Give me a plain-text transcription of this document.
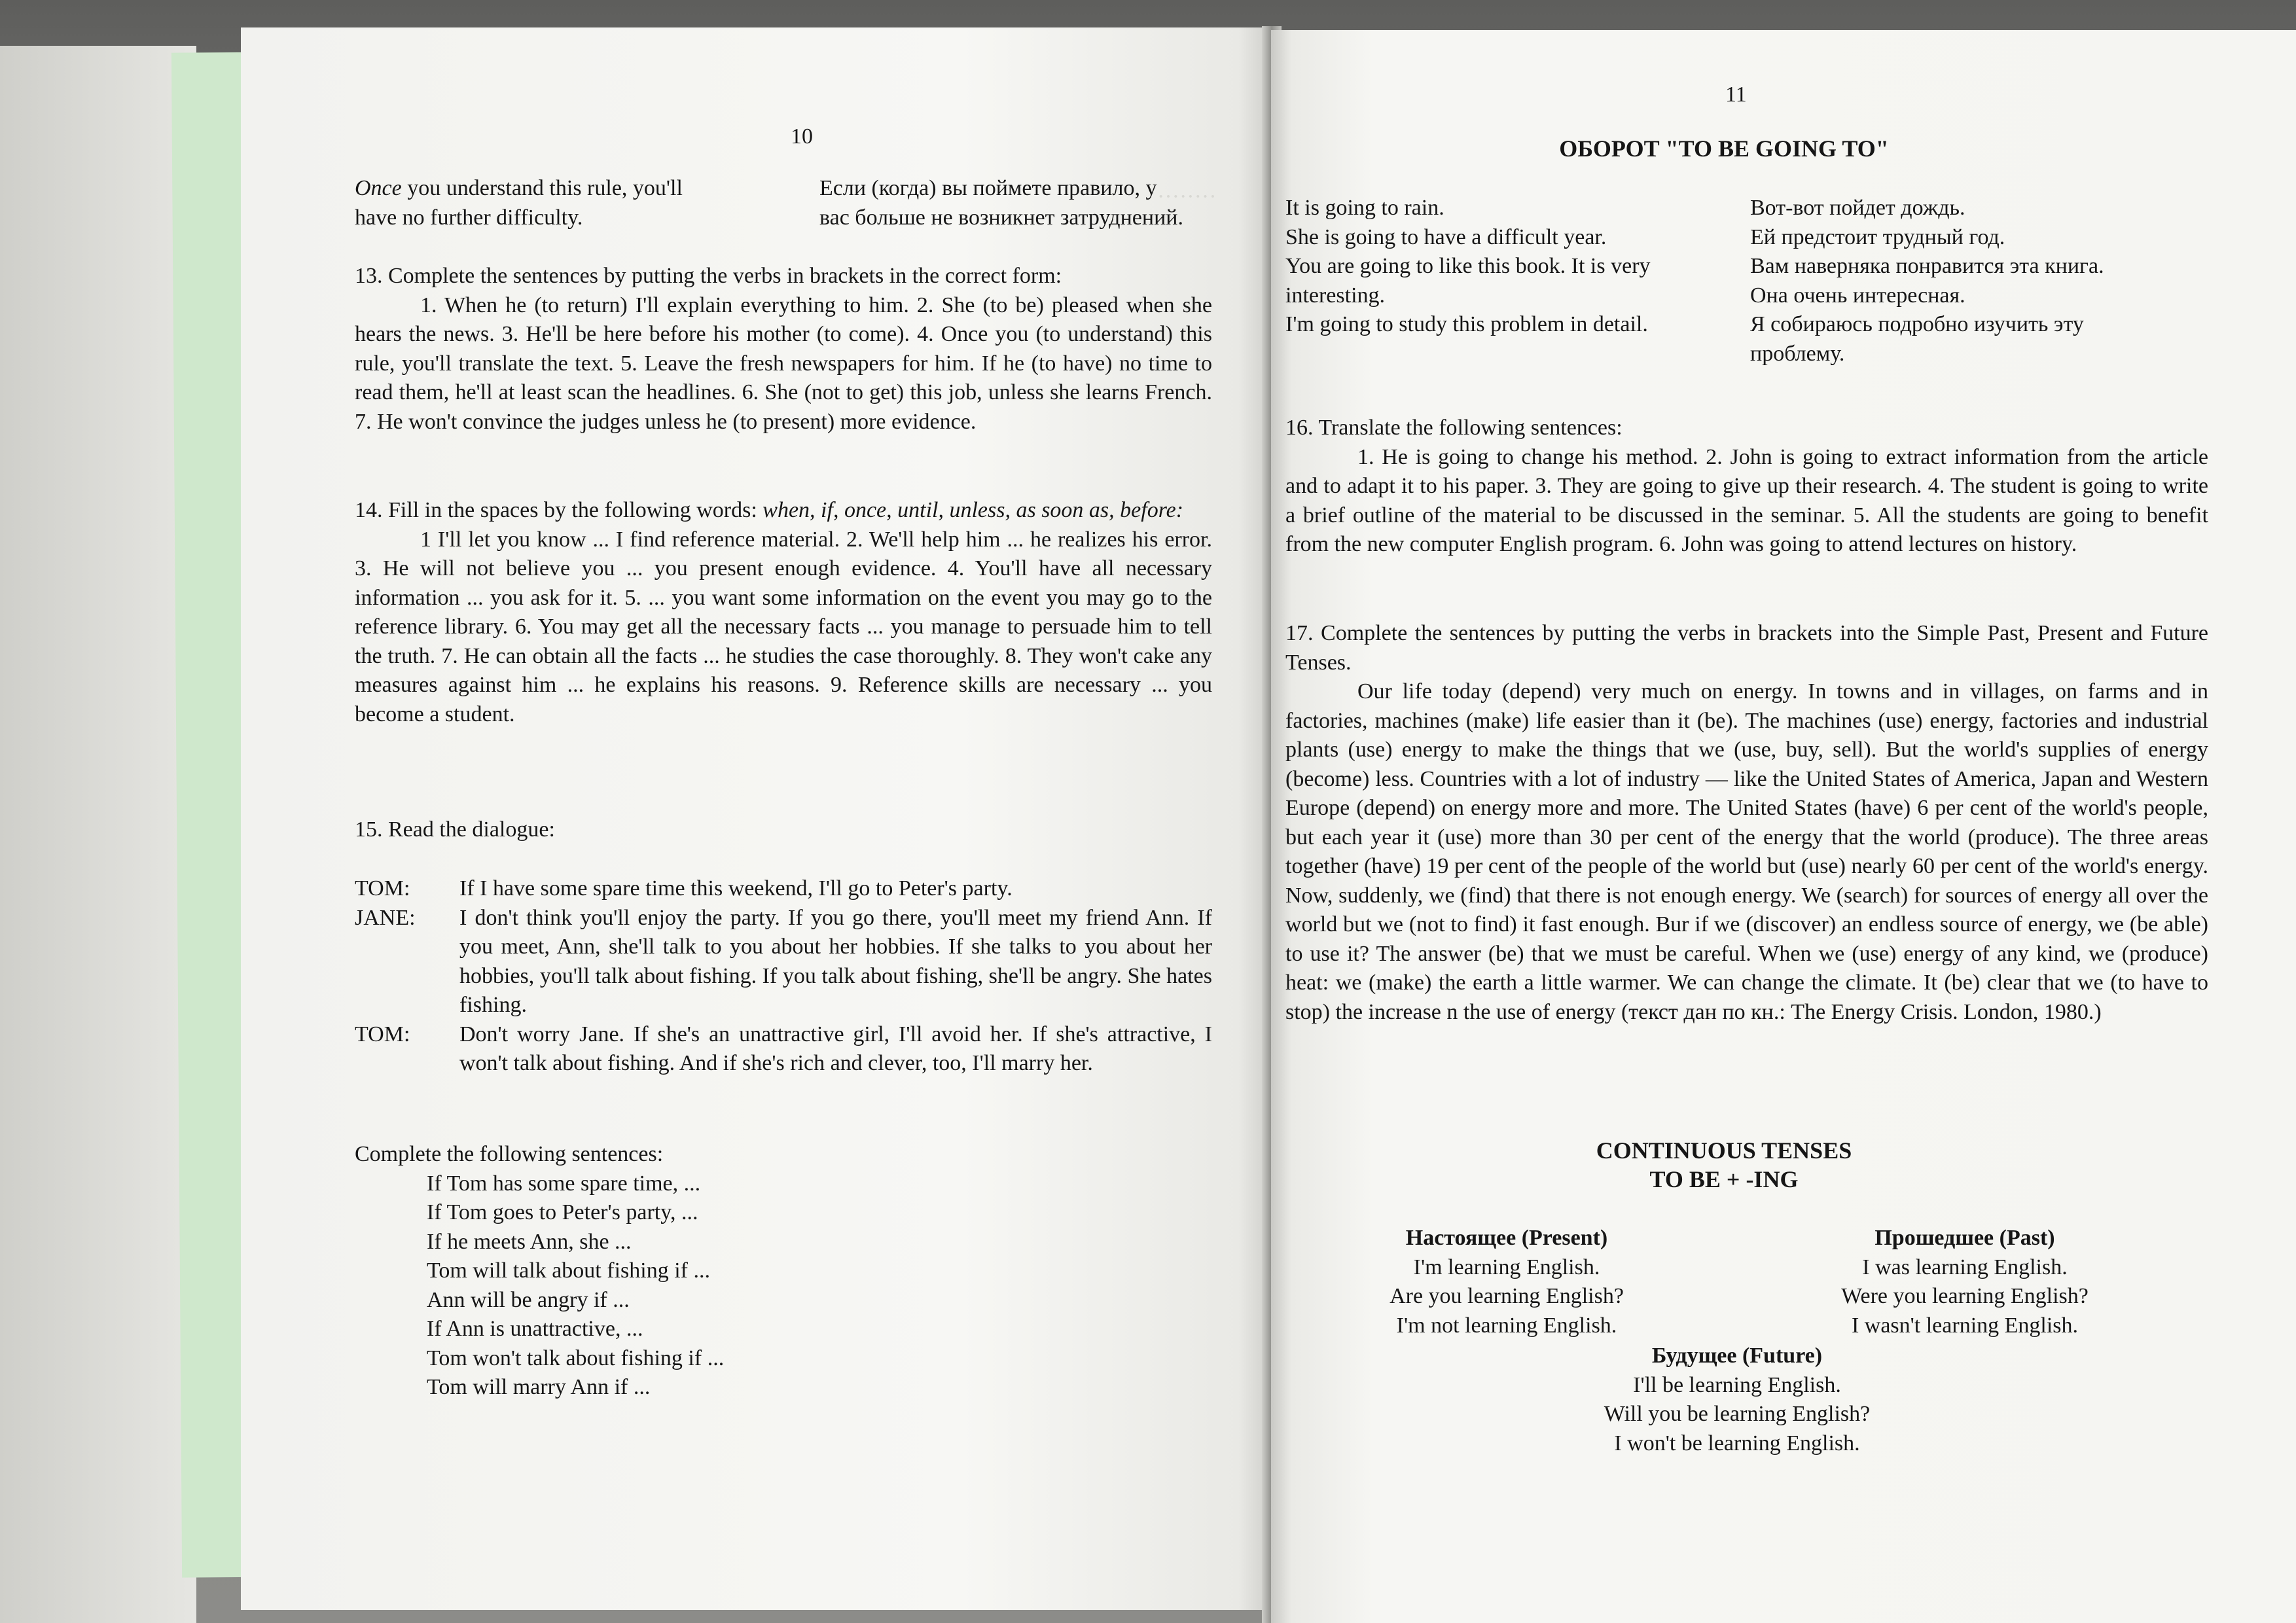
········
10
Once you understand this rule, you'll
have no further difficulty.
Если (когда) вы поймете правило, у
вас больше не возникнет затруднений.

13. Complete the sentences by putting the verbs in brackets in the correct form:

1. When he (to return) I'll explain everything to him. 2. She (to be) pleased when she hears the news. 3. He'll be here before his mother (to come). 4. Once you (to understand) this rule, you'll translate the text. 5. Leave the fresh newspapers for him. If he (to have) no time to read them, he'll at least scan the headlines. 6. She (not to get) this job, unless she learns French. 7. He won't convince the judges unless he (to present) more evidence.

14. Fill in the spaces by the following words: when, if, once, until, unless, as soon as, before:

1 I'll let you know ... I find reference material. 2. We'll help him ... he realizes his error. 3. He will not believe you ... you present enough evidence. 4. You'll have all necessary information ... you ask for it. 5. ... you want some information on the event you may go to the reference library. 6. You may get all the necessary facts ... you manage to persuade him to tell the truth. 7. He can obtain all the facts ... he studies the case thoroughly. 8. They won't cake any measures against him ... he explains his reasons. 9. Reference skills are necessary ... you become a student.

15. Read the dialogue:
TOM: If I have some spare time this weekend, I'll go to Peter's party.
JANE: I don't think you'll enjoy the party. If you go there, you'll meet my friend Ann. If you meet, Ann, she'll talk to you about her hobbies. If she talks to you about her hobbies, you'll talk about fishing. If you talk about fishing, she'll be angry. She hates fishing.
TOM: Don't worry Jane. If she's an unattractive girl, I'll avoid her. If she's attractive, I won't talk about fishing. And if she's rich and clever, too, I'll marry her.

Complete the following sentences:

If Tom has some spare time, ...

If Tom goes to Peter's party, ...

If he meets Ann, she ...

Tom will talk about fishing if ...

Ann will be angry if ...

If Ann is unattractive, ...

Tom won't talk about fishing if ...

Tom will marry Ann if ...

11
ОБОРОТ "TO BE GOING TO"
It is going to rain.
She is going to have a difficult year.
You are going to like this book. It is very
interesting.
I'm going to study this problem in detail.
Вот-вот пойдет дождь.
Ей предстоит трудный год.
Вам наверняка понравится эта книга.
Она очень интересная.
Я собираюсь подробно изучить эту
проблему.

16. Translate the following sentences:

1. He is going to change his method. 2. John is going to extract information from the article and to adapt it to his paper. 3. They are going to give up their research. 4. The student is going to write a brief outline of the material to be discussed in the seminar. 5. All the students are going to benefit from the new computer English program. 6. John was going to attend lectures on history.

17. Complete the sentences by putting the verbs in brackets into the Simple Past, Present and Future Tenses.

Our life today (depend) very much on energy. In towns and in villages, on farms and in factories, machines (make) life easier than it (be). The machines (use) energy, factories and industrial plants (use) energy to make the things that we (use, buy, sell). But the world's supplies of energy (become) less. Countries with a lot of industry — like the United States of America, Japan and Western Europe (depend) on energy more and more. The United States (have) 6 per cent of the world's people, but each year it (use) more than 30 per cent of the energy that the world (produce). The three areas together (have) 19 per cent of the people of the world but (use) nearly 60 per cent of the world's energy. Now, suddenly, we (find) that there is not enough energy. We (search) for sources of energy all over the world but we (not to find) it fast enough. Bur if we (discover) an endless source of energy, we (be able) to use it? The answer (be) that we must be careful. When we (use) energy of any kind, we (produce) heat: we (make) the earth a little warmer. We can change the climate. It (be) clear that we (to have to stop) the increase n the use of energy (текст дан по кн.: The Energy Crisis. London, 1980.)

CONTINUOUS TENSES
TO BE + -ING
Настоящее (Present)
I'm learning English.
Are you learning English?
I'm not learning English.
Прошедшее (Past)
I was learning English.
Were you learning English?
I wasn't learning English.
Будущее (Future)
I'll be learning English.
Will you be learning English?
I won't be learning English.
